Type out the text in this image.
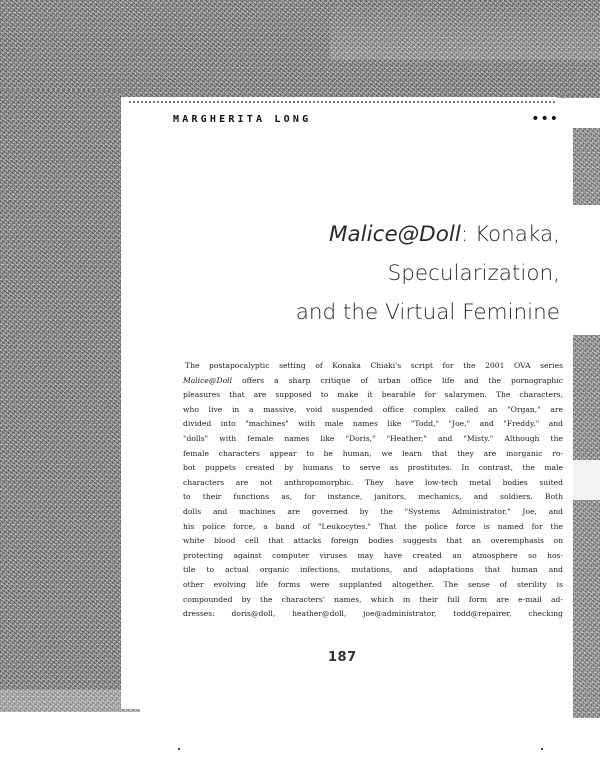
MARGHERITA LONG	•••
Malice@Doll: Konaka,
Specularization,
and the Virtual Feminine
The postapocalyptic setting of Konaka Chiaki's script for the 2001 OVA series
Malice@Doll offers a sharp critique of urban office life and the pornographic
pleasures that are supposed to make it bearable for salarymen. The characters,
who live in a massive, void suspended office complex called an "Organ," are
divided into "machines" with male names like "Todd," "Joe," and "Freddy," and
"dolls" with female names like "Doris," "Heather," and "Misty." Although the
female characters appear to be human, we learn that they are inorganic ro-
bot puppets created by humans to serve as prostitutes. In contrast, the male
characters are not anthropomorphic. They have low-tech metal bodies suited
to their functions as, for instance, janitors, mechanics, and soldiers. Both
dolls and machines are governed by the "Systems Administrator," Joe, and
his police force, a band of "Leukocytes." That the police force is named for the
white blood cell that attacks foreign bodies suggests that an overemphasis on
protecting against computer viruses may have created an atmosphere so hos-
tile to actual organic infections, mutations, and adaptations that human and
other evolving life forms were supplanted altogether. The sense of sterility is
compounded by the characters' names, which in their full form are e-mail ad-
dresses: doris@doll, heather@doll, joe@administrator, todd@repairer, checking
187
